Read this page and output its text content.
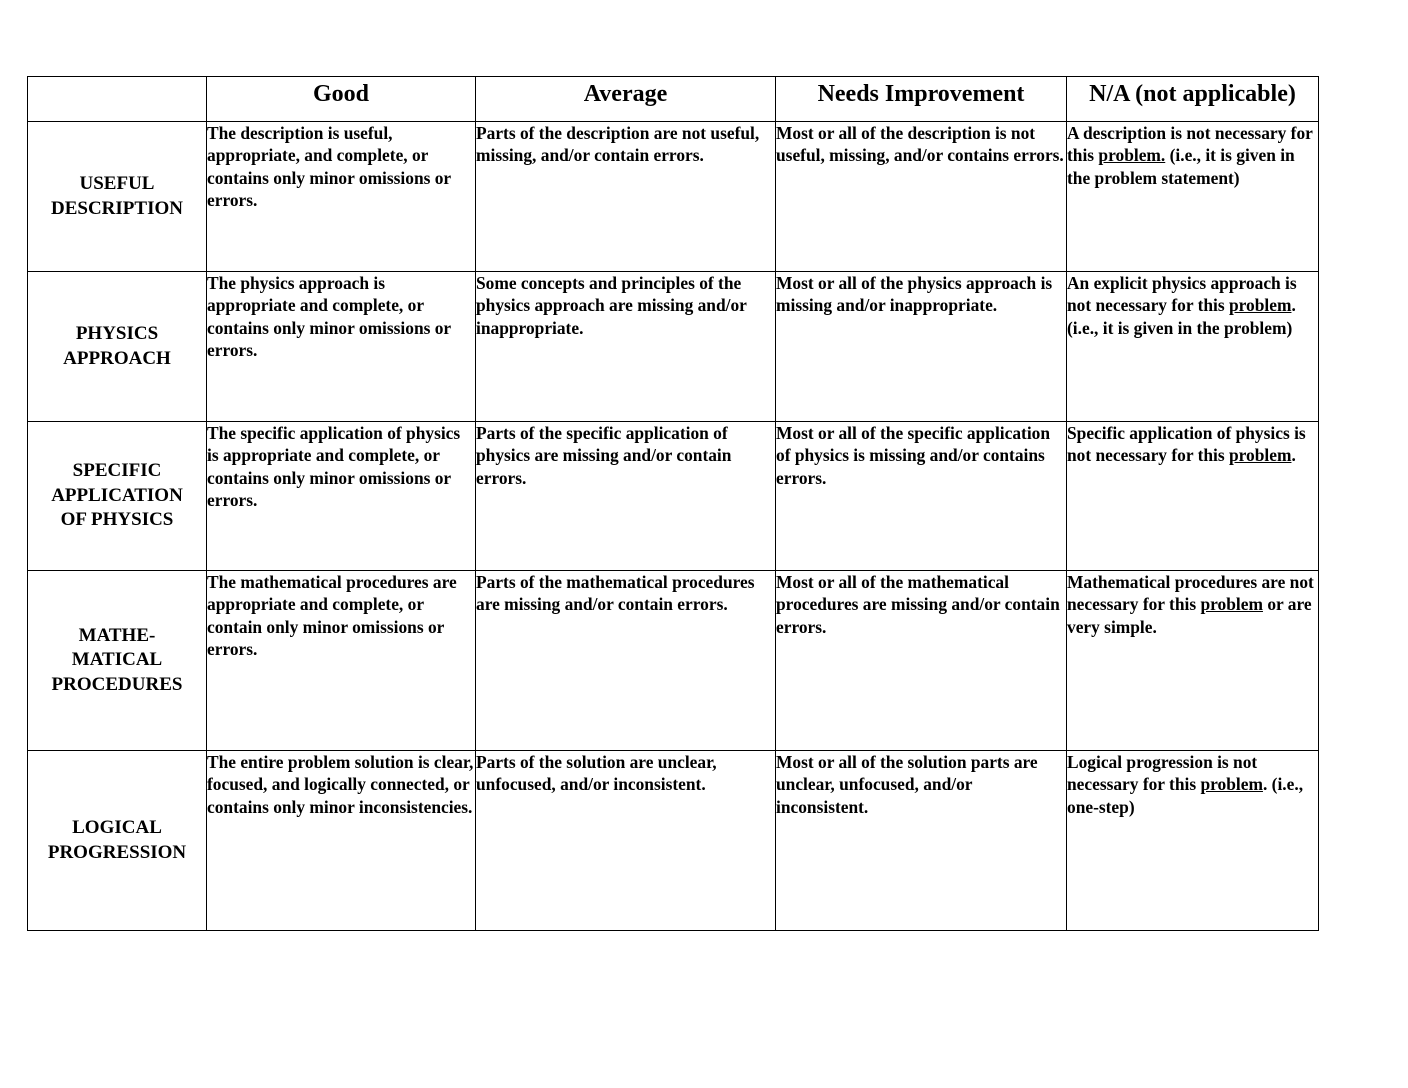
	Good	Average	Needs Improvement	N/A (not applicable)
USEFUL
DESCRIPTION	The description is useful, appropriate, and complete, or contains only minor omissions or errors.	Parts of the description are not useful, missing, and/or contain errors.	Most or all of the description is not useful, missing, and/or contains errors.	A description is not necessary for this problem. (i.e., it is given in the problem statement)
PHYSICS
APPROACH	The physics approach is appropriate and complete, or contains only minor omissions or errors.	Some concepts and principles of the physics approach are missing and/or inappropriate.	Most or all of the physics approach is missing and/or inappropriate.	An explicit physics approach is not necessary for this problem. (i.e., it is given in the problem)
SPECIFIC
APPLICATION
OF PHYSICS	The specific application of physics is appropriate and complete, or contains only minor omissions or errors.	Parts of the specific application of physics are missing and/or contain errors.	Most or all of the specific application of physics is missing and/or contains errors.	Specific application of physics is not necessary for this problem.
MATHE-
MATICAL
PROCEDURES	The mathematical procedures are appropriate and complete, or contain only minor omissions or errors.	Parts of the mathematical procedures are missing and/or contain errors.	Most or all of the mathematical procedures are missing and/or contain errors.	Mathematical procedures are not necessary for this problem or are very simple.
LOGICAL
PROGRESSION	The entire problem solution is clear, focused, and logically connected, or contains only minor inconsistencies.	Parts of the solution are unclear, unfocused, and/or inconsistent.	Most or all of the solution parts are unclear, unfocused, and/or inconsistent.	Logical progression is not necessary for this problem. (i.e., one-step)
